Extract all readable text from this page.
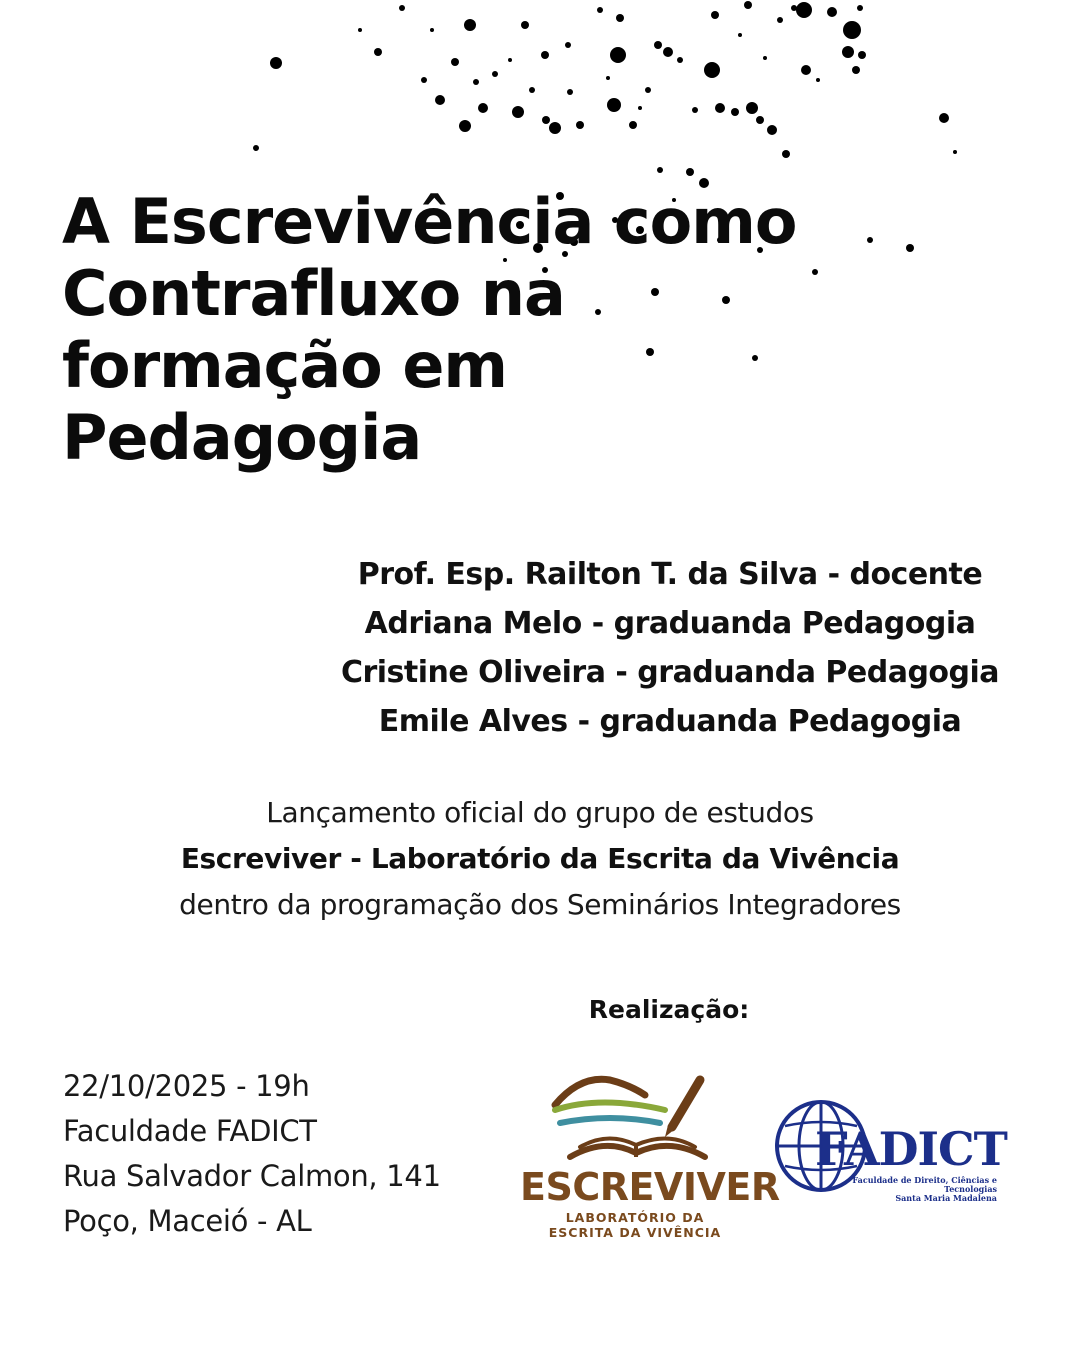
A Escrevivência como
Contrafluxo na
formação em
Pedagogia
Prof. Esp. Railton T. da Silva - docente
Adriana Melo - graduanda Pedagogia
Cristine Oliveira - graduanda Pedagogia
Emile Alves - graduanda Pedagogia
Lançamento oficial do grupo de estudos
Escreviver - Laboratório da Escrita da Vivência
dentro da programação dos Seminários Integradores
Realização:
22/10/2025 - 19h
Faculdade FADICT
Rua Salvador Calmon, 141
Poço, Maceió - AL
ESCREVIVER
LABORATÓRIO DA
ESCRITA DA VIVÊNCIA
FADICT
Faculdade de Direito, Ciências e Tecnologias
Santa Maria Madalena
